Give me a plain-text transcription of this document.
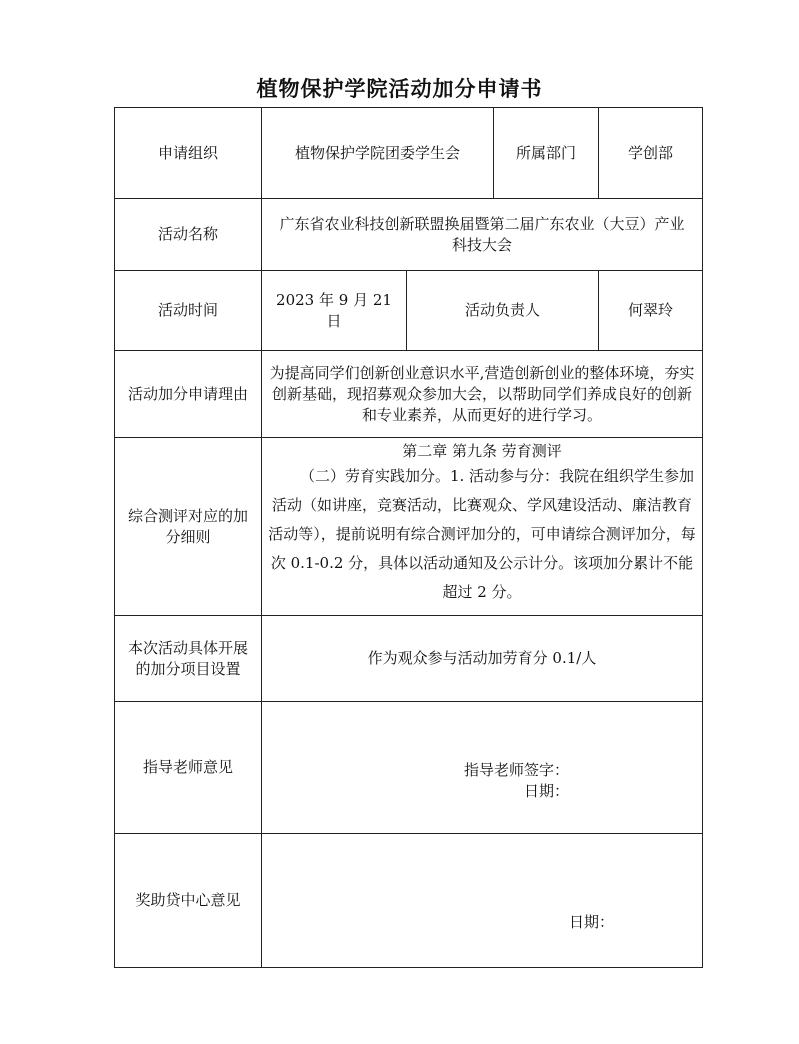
植物保护学院活动加分申请书
申请组织	植物保护学院团委学生会		所属部门	学创部
活动名称	广东省农业科技创新联盟换届暨第二届广东农业（大豆）产业科技大会			
活动时间	2023 年 9 月 21 日	活动负责人		何翠玲
活动加分申请理由	为提高同学们创新创业意识水平,营造创新创业的整体环境，夯实创新基础，现招募观众参加大会，以帮助同学们养成良好的创新和专业素养，从而更好的进行学习。			
综合测评对应的加分细则	第二章 第九条 劳育测评
（二）劳育实践加分。1. 活动参与分：我院在组织学生参加活动（如讲座，竞赛活动，比赛观众、学风建设活动、廉洁教育活动等），提前说明有综合测评加分的，可申请综合测评加分，每次 0.1-0.2 分，具体以活动通知及公示计分。该项加分累计不能超过 2 分。			

本次活动具体开展的加分项目设置	作为观众参与活动加劳育分 0.1/人			
指导老师意见	指导老师签字：
日期：			

奖助贷中心意见	日期：			
